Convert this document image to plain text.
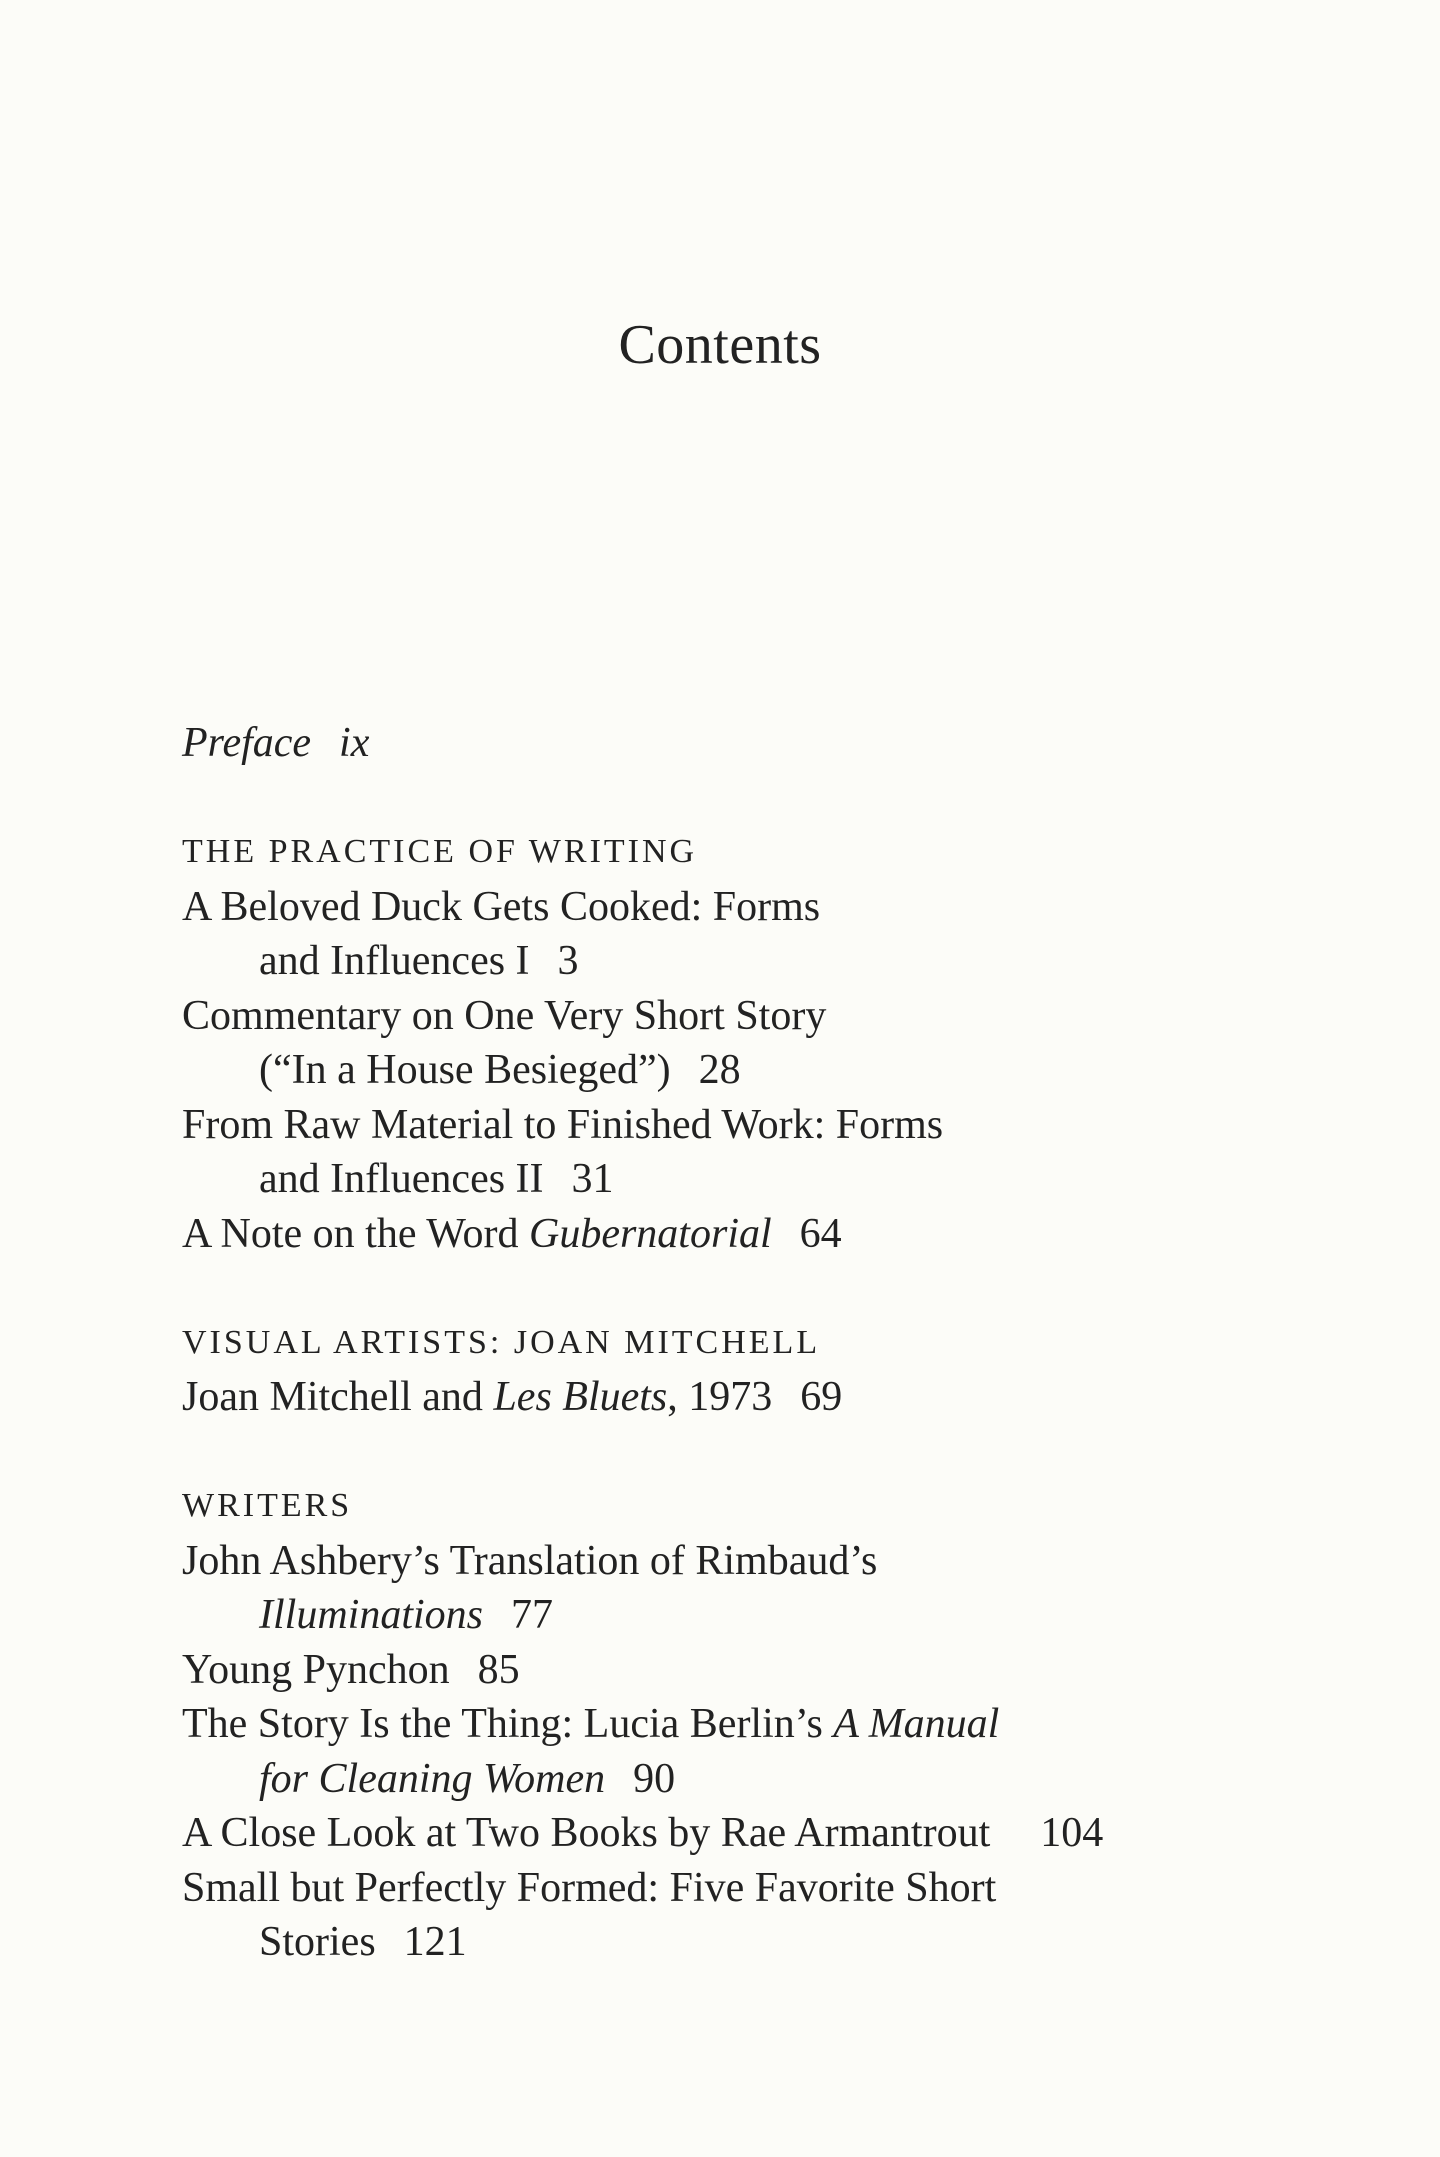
Contents
Preface ix
THE PRACTICE OF WRITING
A Beloved Duck Gets Cooked: Forms
and Influences I 3
Commentary on One Very Short Story
(“In a House Besieged”) 28
From Raw Material to Finished Work: Forms
and Influences II 31
A Note on the Word Gubernatorial 64
VISUAL ARTISTS: JOAN MITCHELL
Joan Mitchell and Les Bluets, 1973 69
WRITERS
John Ashbery’s Translation of Rimbaud’s
Illuminations 77
Young Pynchon 85
The Story Is the Thing: Lucia Berlin’s A Manual
for Cleaning Women 90
A Close Look at Two Books by Rae Armantrout 104
Small but Perfectly Formed: Five Favorite Short
Stories 121
